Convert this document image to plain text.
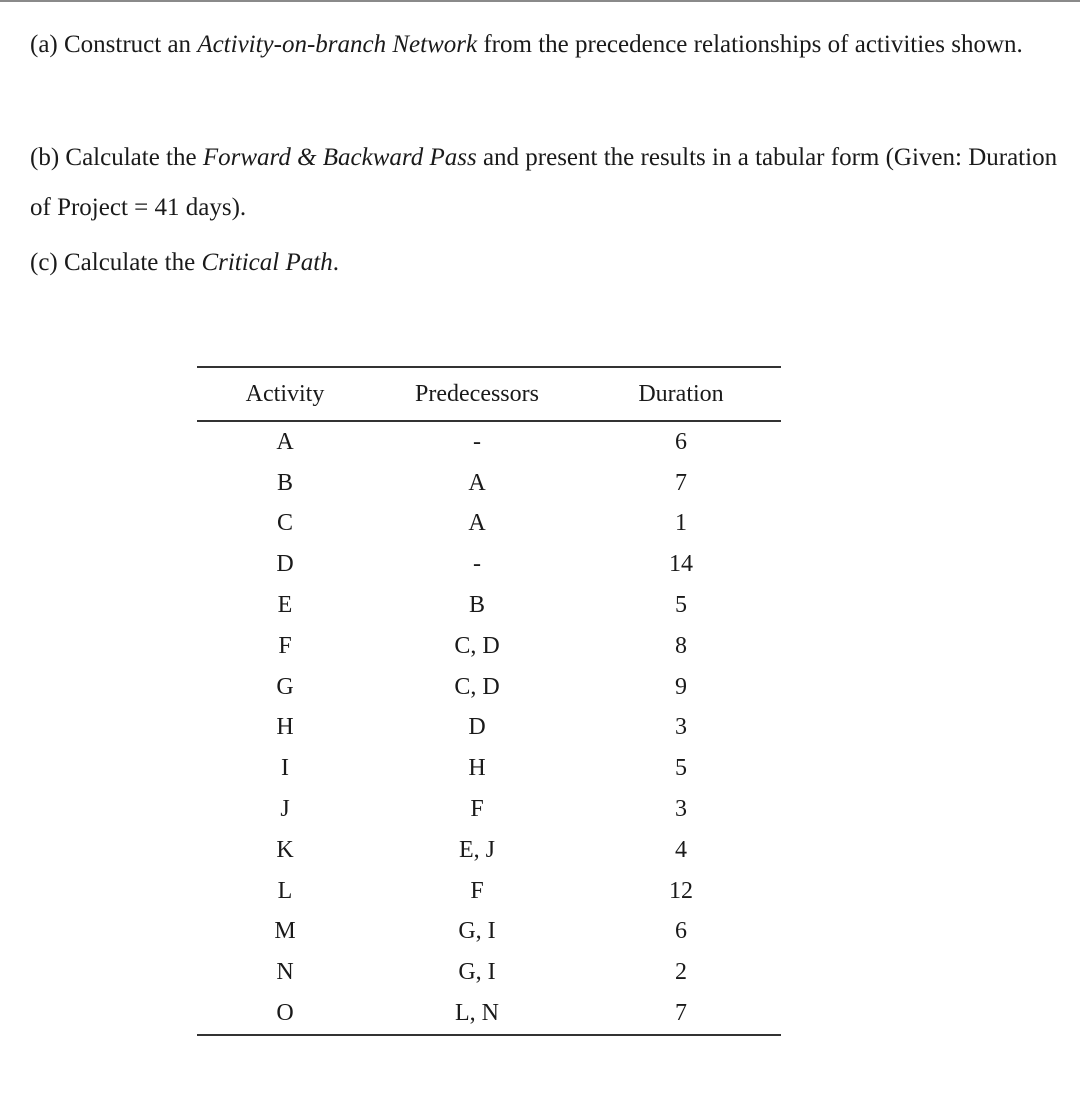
(a) Construct an Activity-on-branch Network from the precedence relationships of activities shown.

(b) Calculate the Forward & Backward Pass and present the results in a tabular form (Given: Duration of Project = 41 days).

(c) Calculate the Critical Path.

Activity	Predecessors	Duration
A	-	6
B	A	7
C	A	1
D	-	14
E	B	5
F	C, D	8
G	C, D	9
H	D	3
I	H	5
J	F	3
K	E, J	4
L	F	12
M	G, I	6
N	G, I	2
O	L, N	7
